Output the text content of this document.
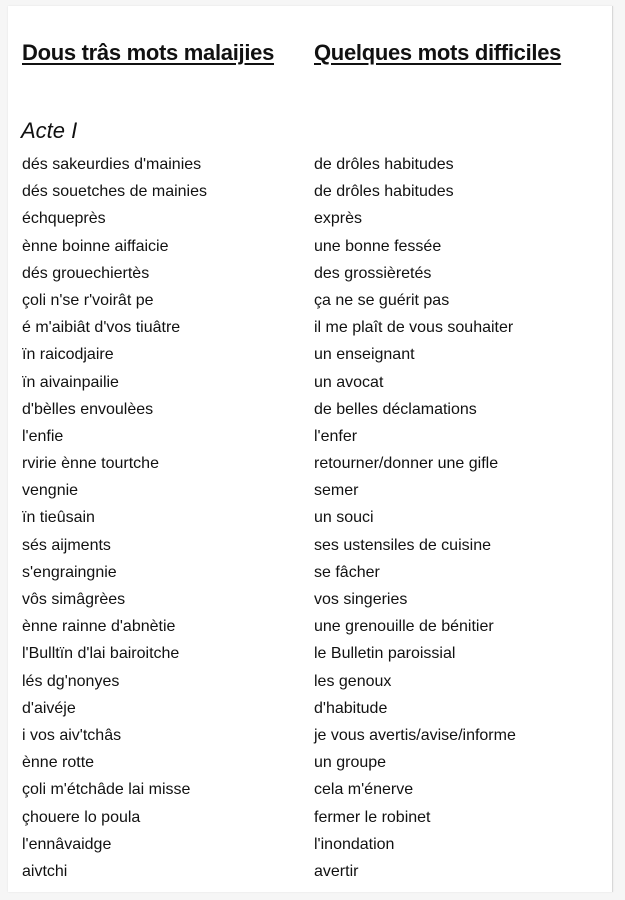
Dous trâs mots malaijies Quelques mots difficiles
Acte I
dés sakeurdies d'mainies
dés souetches de mainies
échqueprès
ènne boinne aiffaicie
dés grouechiertès
çoli n'se r'voirât pe
é m'aibiât d'vos tiuâtre
ïn raicodjaire
ïn aivainpailie
d'bèlles envoulèes
l'enfie
rvirie ènne tourtche
vengnie
ïn tieûsain
sés aijments
s'engraingnie
vôs simâgrèes
ènne rainne d'abnètie
l'Bulltïn d'lai bairoitche
lés dg'nonyes
d'aivéje
i vos aiv'tchâs
ènne rotte
çoli m'étchâde lai misse
çhouere lo poula
l'ennâvaidge
aivtchi
de drôles habitudes
de drôles habitudes
exprès
une bonne fessée
des grossièretés
ça ne se guérit pas
il me plaît de vous souhaiter
un enseignant
un avocat
de belles déclamations
l'enfer
retourner/donner une gifle
semer
un souci
ses ustensiles de cuisine
se fâcher
vos singeries
une grenouille de bénitier
le Bulletin paroissial
les genoux
d'habitude
je vous avertis/avise/informe
un groupe
cela m'énerve
fermer le robinet
l'inondation
avertir
